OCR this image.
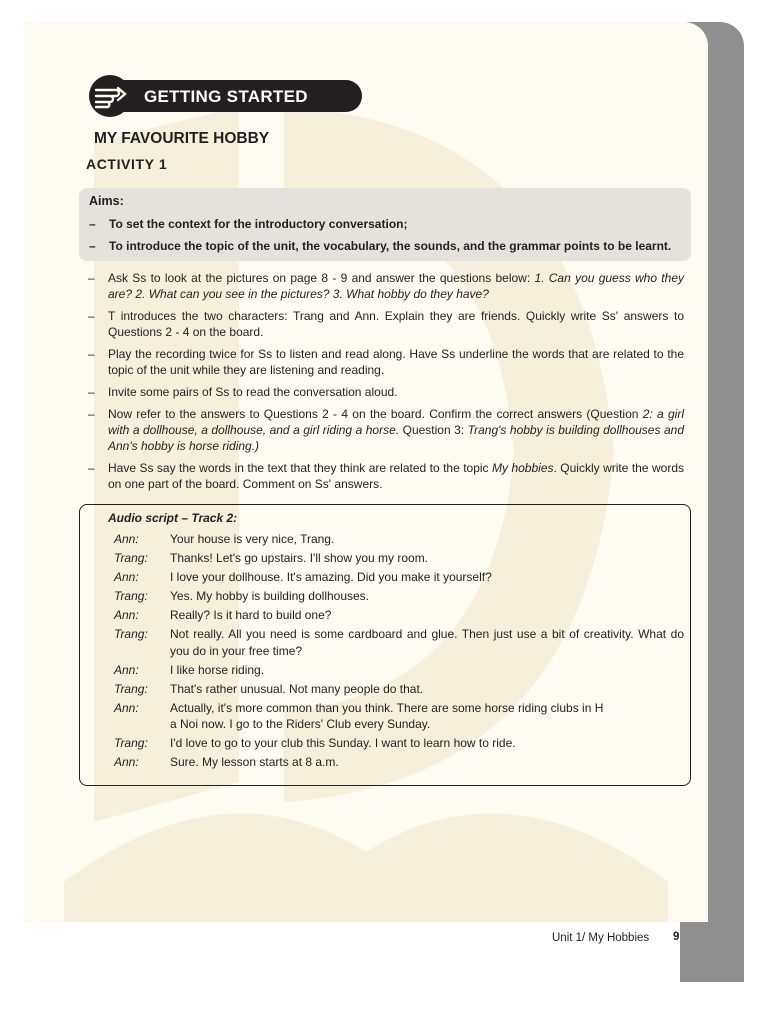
GETTING STARTED
MY FAVOURITE HOBBY
ACTIVITY 1
Aims:
– To set the context for the introductory conversation;
– To introduce the topic of the unit, the vocabulary, the sounds, and the grammar points to be learnt.
– Ask Ss to look at the pictures on page 8 - 9 and answer the questions below: 1. Can you guess who they are? 2. What can you see in the pictures? 3. What hobby do they have?
– T introduces the two characters: Trang and Ann. Explain they are friends. Quickly write Ss' answers to Questions 2 - 4 on the board.
– Play the recording twice for Ss to listen and read along. Have Ss underline the words that are related to the topic of the unit while they are listening and reading.
– Invite some pairs of Ss to read the conversation aloud.
– Now refer to the answers to Questions 2 - 4 on the board. Confirm the correct answers (Question 2: a girl with a dollhouse, a dollhouse, and a girl riding a horse. Question 3: Trang's hobby is building dollhouses and Ann's hobby is horse riding.)
– Have Ss say the words in the text that they think are related to the topic My hobbies. Quickly write the words on one part of the board. Comment on Ss' answers.
Audio script – Track 2:
Ann:	Your house is very nice, Trang.
Trang:	Thanks! Let's go upstairs. I'll show you my room.
Ann:	I love your dollhouse. It's amazing. Did you make it yourself?
Trang:	Yes. My hobby is building dollhouses.
Ann:	Really? Is it hard to build one?
Trang:	Not really. All you need is some cardboard and glue. Then just use a bit of creativity. What do you do in your free time?
Ann:	I like horse riding.
Trang:	That's rather unusual. Not many people do that.
Ann:	Actually, it's more common than you think. There are some horse riding clubs in H
a Noi now. I go to the Riders' Club every Sunday.
Trang:	I'd love to go to your club this Sunday. I want to learn how to ride.
Ann:	Sure. My lesson starts at 8 a.m.
Unit 1/ My Hobbies 9
